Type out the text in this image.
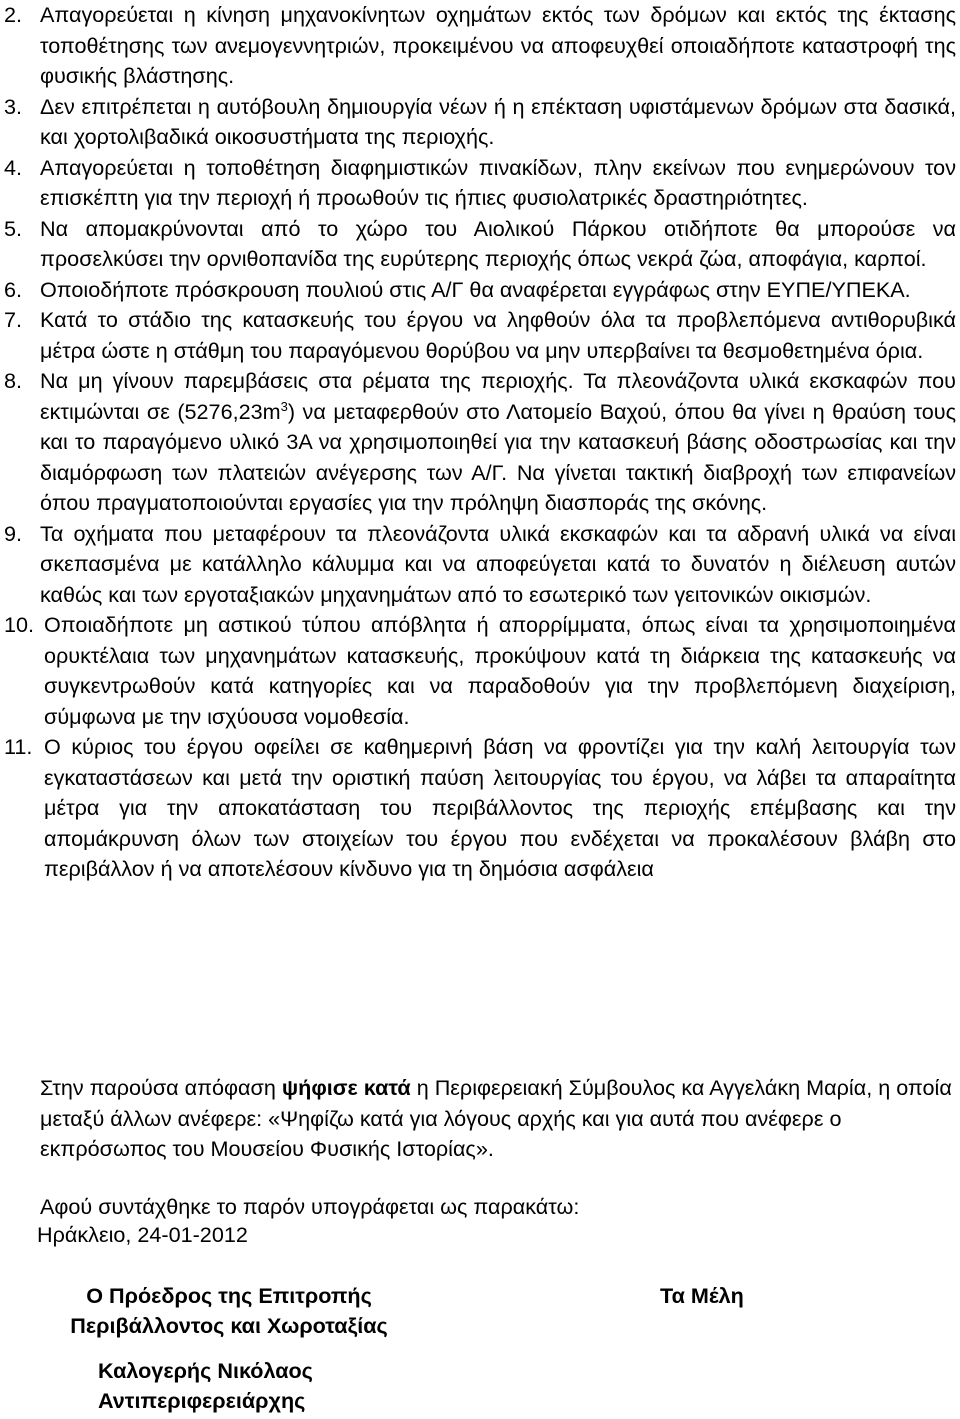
2. Απαγορεύεται η κίνηση μηχανοκίνητων οχημάτων εκτός των δρόμων και εκτός της έκτασης τοποθέτησης των ανεμογεννητριών, προκειμένου να αποφευχθεί οποιαδήποτε καταστροφή της φυσικής βλάστησης.
3. Δεν επιτρέπεται η αυτόβουλη δημιουργία νέων ή η επέκταση υφιστάμενων δρόμων στα δασικά, και χορτολιβαδικά οικοσυστήματα της περιοχής.
4. Απαγορεύεται η τοποθέτηση διαφημιστικών πινακίδων, πλην εκείνων που ενημερώνουν τον επισκέπτη για την περιοχή ή προωθούν τις ήπιες φυσιολατρικές δραστηριότητες.
5. Να απομακρύνονται από το χώρο του Αιολικού Πάρκου οτιδήποτε θα μπορούσε να προσελκύσει την ορνιθοπανίδα της ευρύτερης περιοχής όπως νεκρά ζώα, αποφάγια, καρποί.
6. Οποιοδήποτε πρόσκρουση πουλιού στις Α/Γ θα αναφέρεται εγγράφως στην ΕΥΠΕ/ΥΠΕΚΑ.
7. Κατά το στάδιο της κατασκευής του έργου να ληφθούν όλα τα προβλεπόμενα αντιθορυβικά μέτρα ώστε η στάθμη του παραγόμενου θορύβου να μην υπερβαίνει τα θεσμοθετημένα όρια.
8. Να μη γίνουν παρεμβάσεις στα ρέματα της περιοχής. Τα πλεονάζοντα υλικά εκσκαφών που εκτιμώνται σε $(5276,23m^3)$ να μεταφερθούν στο Λατομείο Βαχού, όπου θα γίνει η θραύση τους και το παραγόμενο υλικό 3Α να χρησιμοποιηθεί για την κατασκευή βάσης οδοστρωσίας και την διαμόρφωση των πλατειών ανέγερσης των Α/Γ. Να γίνεται τακτική διαβροχή των επιφανείων όπου πραγματοποιούνται εργασίες για την πρόληψη διασποράς της σκόνης.
9. Τα οχήματα που μεταφέρουν τα πλεονάζοντα υλικά εκσκαφών και τα αδρανή υλικά να είναι σκεπασμένα με κατάλληλο κάλυμμα και να αποφεύγεται κατά το δυνατόν η διέλευση αυτών καθώς και των εργοταξιακών μηχανημάτων από το εσωτερικό των γειτονικών οικισμών.
10. Οποιαδήποτε μη αστικού τύπου απόβλητα ή απορρίμματα, όπως είναι τα χρησιμοποιημένα ορυκτέλαια των μηχανημάτων κατασκευής, προκύψουν κατά τη διάρκεια της κατασκευής να συγκεντρωθούν κατά κατηγορίες και να παραδοθούν για την προβλεπόμενη διαχείριση, σύμφωνα με την ισχύουσα νομοθεσία.
11. Ο κύριος του έργου οφείλει σε καθημερινή βάση να φροντίζει για την καλή λειτουργία των εγκαταστάσεων και μετά την οριστική παύση λειτουργίας του έργου, να λάβει τα απαραίτητα μέτρα για την αποκατάσταση του περιβάλλοντος της περιοχής επέμβασης και την απομάκρυνση όλων των στοιχείων του έργου που ενδέχεται να προκαλέσουν βλάβη στο περιβάλλον ή να αποτελέσουν κίνδυνο για τη δημόσια ασφάλεια

Στην παρούσα απόφαση ψήφισε κατά η Περιφερειακή Σύμβουλος κα Αγγελάκη Μαρία, η οποία μεταξύ άλλων ανέφερε: «Ψηφίζω κατά για λόγους αρχής και για αυτά που ανέφερε ο εκπρόσωπος του Μουσείου Φυσικής Ιστορίας».

Αφού συντάχθηκε το παρόν υπογράφεται ως παρακάτω:

Ηράκλειο, 24-01-2012

Ο Πρόεδρος της Επιτροπής
Περιβάλλοντος και Χωροταξίας
Τα Μέλη
Καλογερής Νικόλαος
Αντιπεριφερειάρχης
